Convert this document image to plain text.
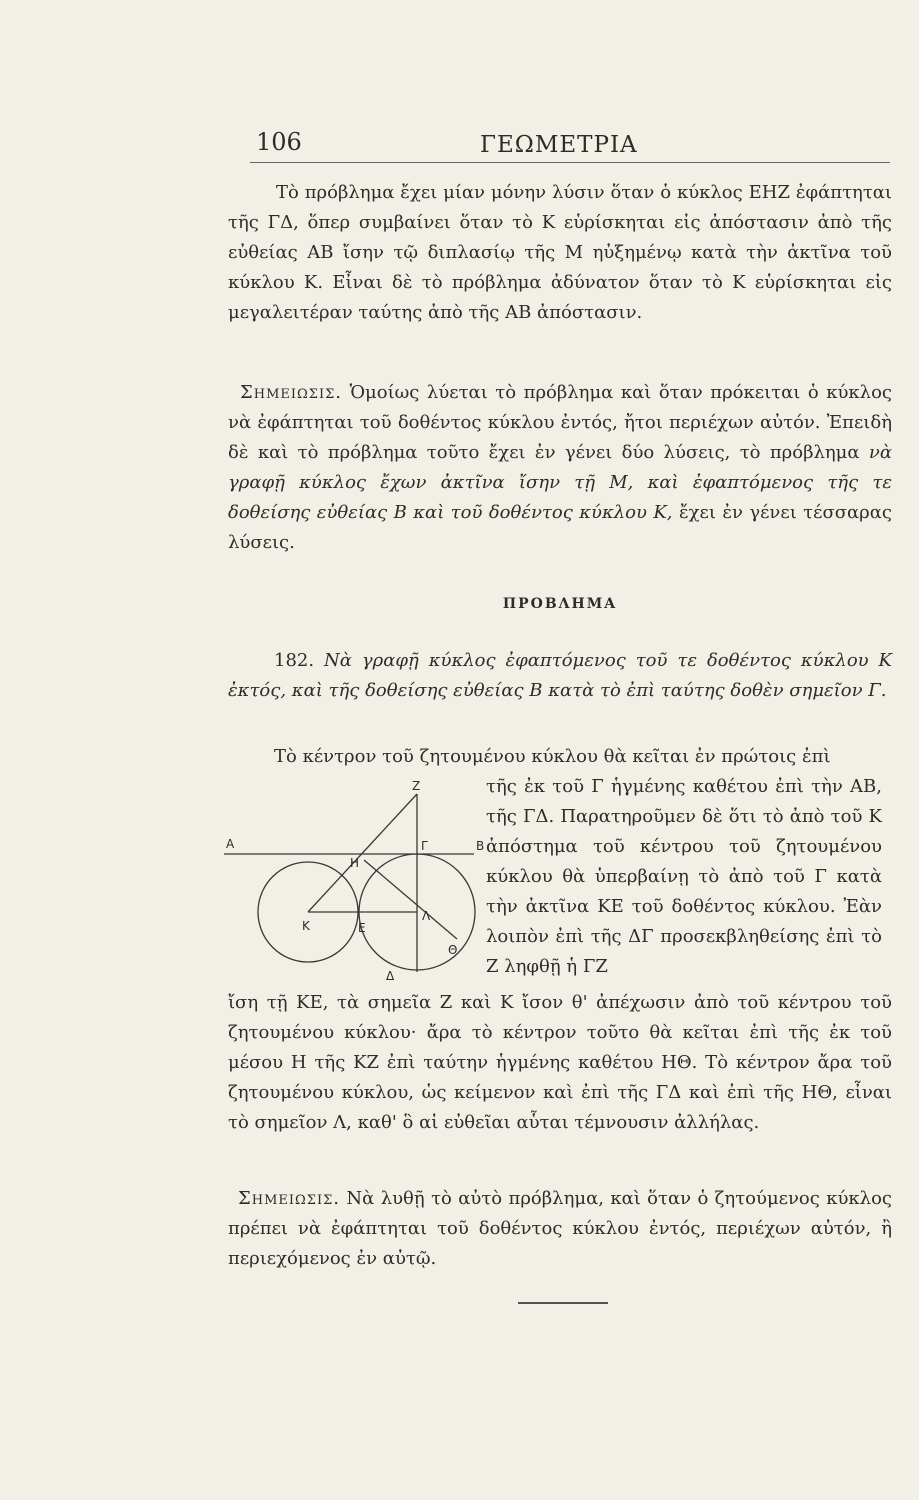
106	ΓΕΩΜΕΤΡΙΑ

Τὸ πρόβλημα ἔχει μίαν μόνην λύσιν ὅταν ὁ κύκλος ΕΗΖ ἐφάπτηται τῆς ΓΔ, ὅπερ συμβαίνει ὅταν τὸ Κ εὑρίσκηται εἰς ἀπόστασιν ἀπὸ τῆς εὐθείας ΑΒ ἴσην τῷ διπλασίῳ τῆς Μ ηὐξημένῳ κατὰ τὴν ἀκτῖνα τοῦ κύκλου Κ. Εἶναι δὲ τὸ πρόβλημα ἀδύνατον ὅταν τὸ Κ εὑρίσκηται εἰς μεγαλειτέραν ταύτης ἀπὸ τῆς ΑΒ ἀπόστασιν.

Σημειωσισ. Ὁμοίως λύεται τὸ πρόβλημα καὶ ὅταν πρόκειται ὁ κύκλος νὰ ἐφάπτηται τοῦ δοθέντος κύκλου ἐντός, ἤτοι περιέχων αὐτόν. Ἐπειδὴ δὲ καὶ τὸ πρόβλημα τοῦτο ἔχει ἐν γένει δύο λύσεις, τὸ πρόβλημα νὰ γραφῇ κύκλος ἔχων ἀκτῖνα ἴσην τῇ Μ, καὶ ἐφαπτόμενος τῆς τε δοθείσης εὐθείας Β καὶ τοῦ δοθέντος κύκλου Κ, ἔχει ἐν γένει τέσσαρας λύσεις.

ΠΡΟΒΛΗΜΑ

182. Νὰ γραφῇ κύκλος ἐφαπτόμενος τοῦ τε δοθέντος κύκλου Κ ἐκτός, καὶ τῆς δοθείσης εὐθείας Β κατὰ τὸ ἐπὶ ταύτης δοθὲν σημεῖον Γ.

Τὸ κέντρον τοῦ ζητουμένου κύκλου θὰ κεῖται ἐν πρώτοις ἐπὶ

Z
A	Γ	B
H
Λ
K	E
Θ
Δ

τῆς ἐκ τοῦ Γ ἡγμένης καθέτου ἐπὶ τὴν ΑΒ, τῆς ΓΔ. Παρατηροῦμεν δὲ ὅτι τὸ ἀπὸ τοῦ Κ ἀπόστημα τοῦ κέντρου τοῦ ζητουμένου κύκλου θὰ ὑπερβαίνῃ τὸ ἀπὸ τοῦ Γ κατὰ τὴν ἀκτῖνα ΚΕ τοῦ δοθέντος κύκλου. Ἐὰν λοιπὸν ἐπὶ τῆς ΔΓ προσεκβληθείσης ἐπὶ τὸ Ζ ληφθῇ ἡ ΓΖ

ἴση τῇ ΚΕ, τὰ σημεῖα Ζ καὶ Κ ἴσον θ' ἀπέχωσιν ἀπὸ τοῦ κέντρου τοῦ ζητουμένου κύκλου· ἄρα τὸ κέντρον τοῦτο θὰ κεῖται ἐπὶ τῆς ἐκ τοῦ μέσου Η τῆς ΚΖ ἐπὶ ταύτην ἡγμένης καθέτου ΗΘ. Τὸ κέντρον ἄρα τοῦ ζητουμένου κύκλου, ὡς κείμενον καὶ ἐπὶ τῆς ΓΔ καὶ ἐπὶ τῆς ΗΘ, εἶναι τὸ σημεῖον Λ, καθ' ὃ αἱ εὐθεῖαι αὗται τέμνουσιν ἀλλήλας.

Σημειωσισ. Νὰ λυθῇ τὸ αὐτὸ πρόβλημα, καὶ ὅταν ὁ ζητούμενος κύκλος πρέπει νὰ ἐφάπτηται τοῦ δοθέντος κύκλου ἐντός, περιέχων αὐτόν, ἢ περιεχόμενος ἐν αὐτῷ.
